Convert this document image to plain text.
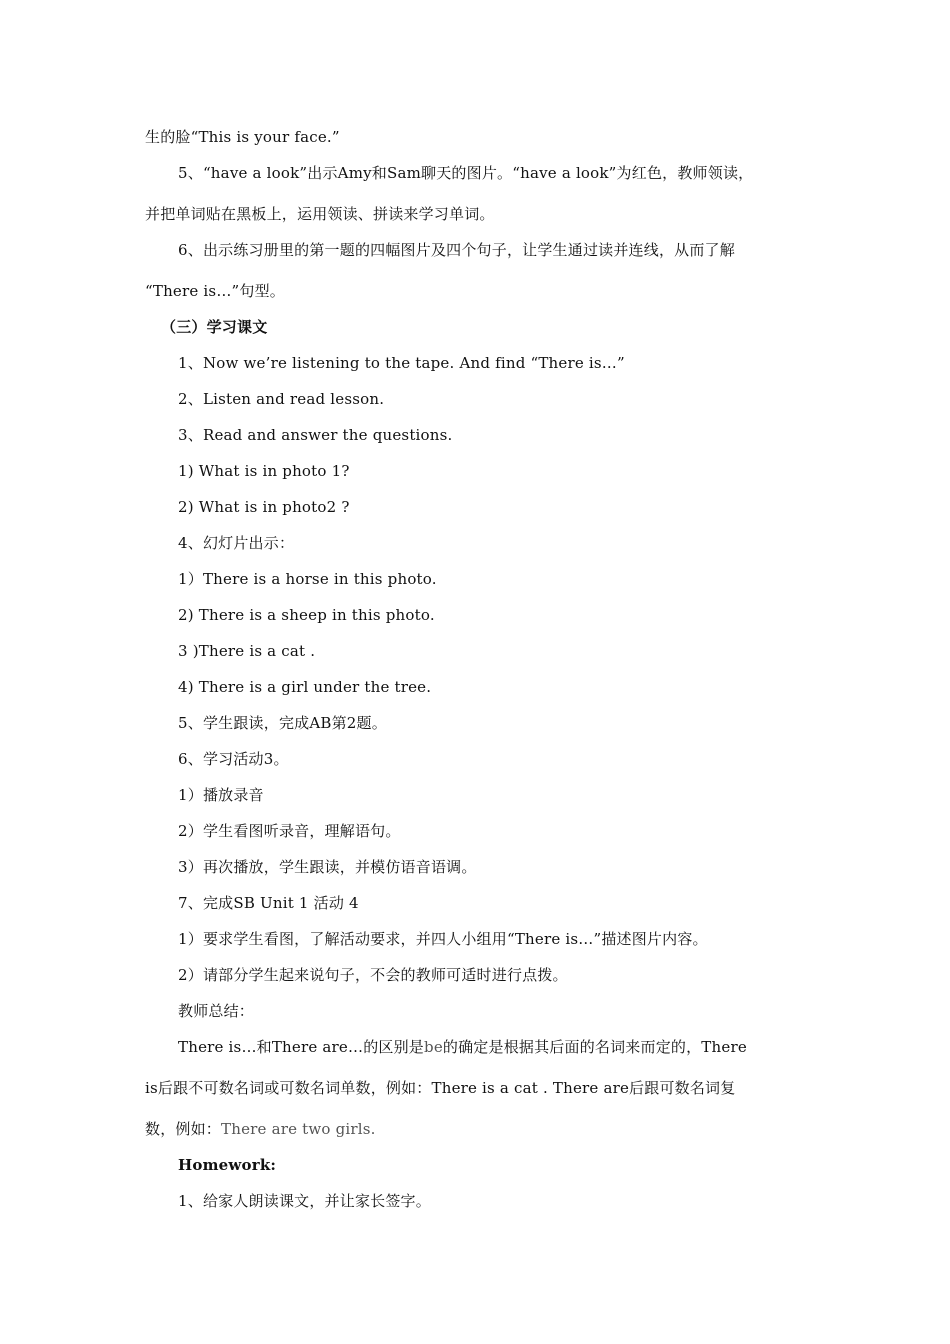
生的脸“This is your face.”
5、“have a look”出示Amy和Sam聊天的图片。“have a look”为红色，教师领读，
并把单词贴在黑板上，运用领读、拼读来学习单词。
6、出示练习册里的第一题的四幅图片及四个句子，让学生通过读并连线，从而了解
“There is…”句型。
（三）学习课文
1、Now we’re listening to the tape. And find “There is…”
2、Listen and read lesson.
3、Read and answer the questions.
1) What is in photo 1?
2) What is in photo2 ?
4、幻灯片出示：
1）There is a horse in this photo.
2) There is a sheep in this photo.
3 )There is a cat .
4) There is a girl under the tree.
5、学生跟读，完成AB第2题。
6、学习活动3。
1）播放录音
2）学生看图听录音，理解语句。
3）再次播放，学生跟读，并模仿语音语调。
7、完成SB Unit 1 活动 4
1）要求学生看图，了解活动要求，并四人小组用“There is…”描述图片内容。
2）请部分学生起来说句子，不会的教师可适时进行点拨。
教师总结：
There is…和There are…的区别是be的确定是根据其后面的名词来而定的，There
is后跟不可数名词或可数名词单数，例如：There is a cat . There are后跟可数名词复
数，例如：There are two girls.
Homework:
1、给家人朗读课文，并让家长签字。
